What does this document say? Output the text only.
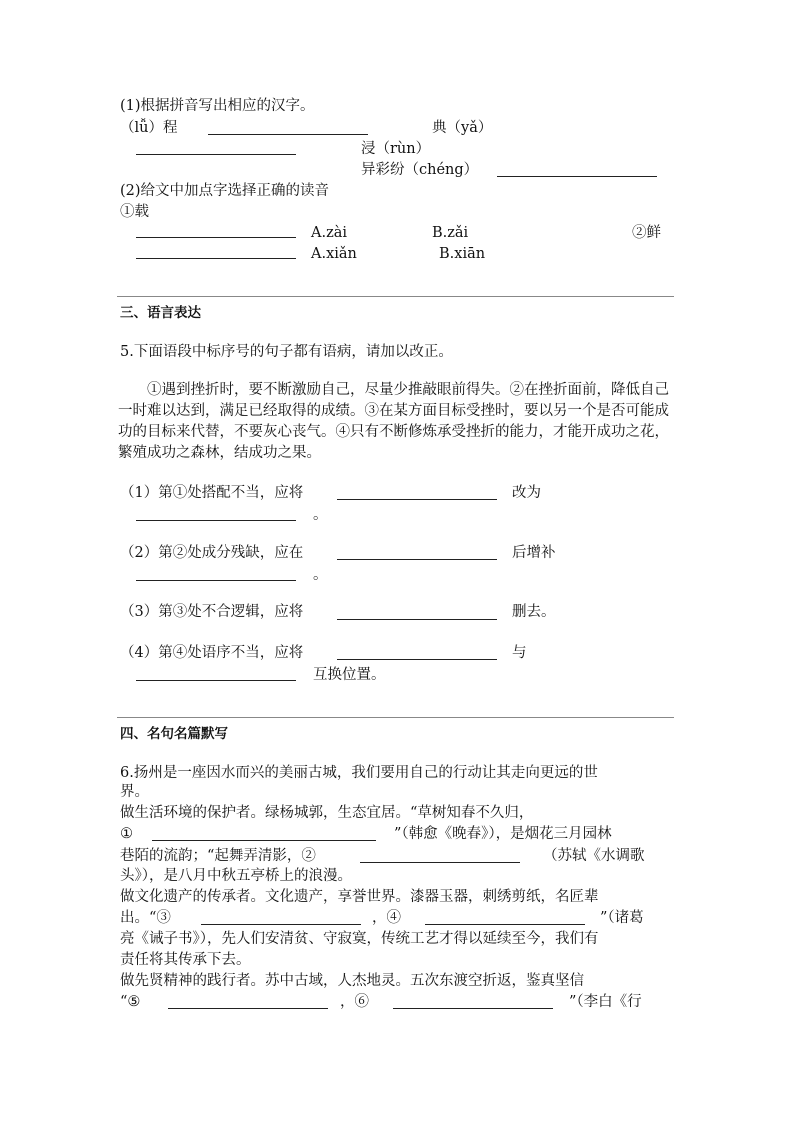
(1)根据拼音写出相应的汉字。
（lǚ）程	典（yǎ）
浸（rùn）
异彩纷（chéng）
(2)给文中加点字选择正确的读音
①载
A.zài	B.zǎi	②鲜
A.xiǎn	B.xiān
三、语言表达
5.下面语段中标序号的句子都有语病，请加以改正。
①遇到挫折时，要不断激励自己，尽量少推敲眼前得失。②在挫折面前，降低自己一时难以达到，满足已经取得的成绩。③在某方面目标受挫时，要以另一个是否可能成功的目标来代替，不要灰心丧气。④只有不断修炼承受挫折的能力，才能开成功之花，繁殖成功之森林，结成功之果。
（1）第①处搭配不当，应将	改为
。
（2）第②处成分残缺，应在	后增补
。
（3）第③处不合逻辑，应将	删去。
（4）第④处语序不当，应将	与
互换位置。
四、名句名篇默写
6.扬州是一座因水而兴的美丽古城，我们要用自己的行动让其走向更远的世
界。
做生活环境的保护者。绿杨城郭，生态宜居。“草树知春不久归，
①	”（韩愈《晚春》），是烟花三月园林
巷陌的流韵；“起舞弄清影，②	（苏轼《水调歌
头》），是八月中秋五亭桥上的浪漫。
做文化遗产的传承者。文化遗产，享誉世界。漆器玉器，刺绣剪纸，名匠辈
出。“③	，④	”（诸葛
亮《诫子书》），先人们安清贫、守寂寞，传统工艺才得以延续至今，我们有
责任将其传承下去。
做先贤精神的践行者。苏中古域，人杰地灵。五次东渡空折返，鉴真坚信
“⑤	，⑥	”（李白《行
